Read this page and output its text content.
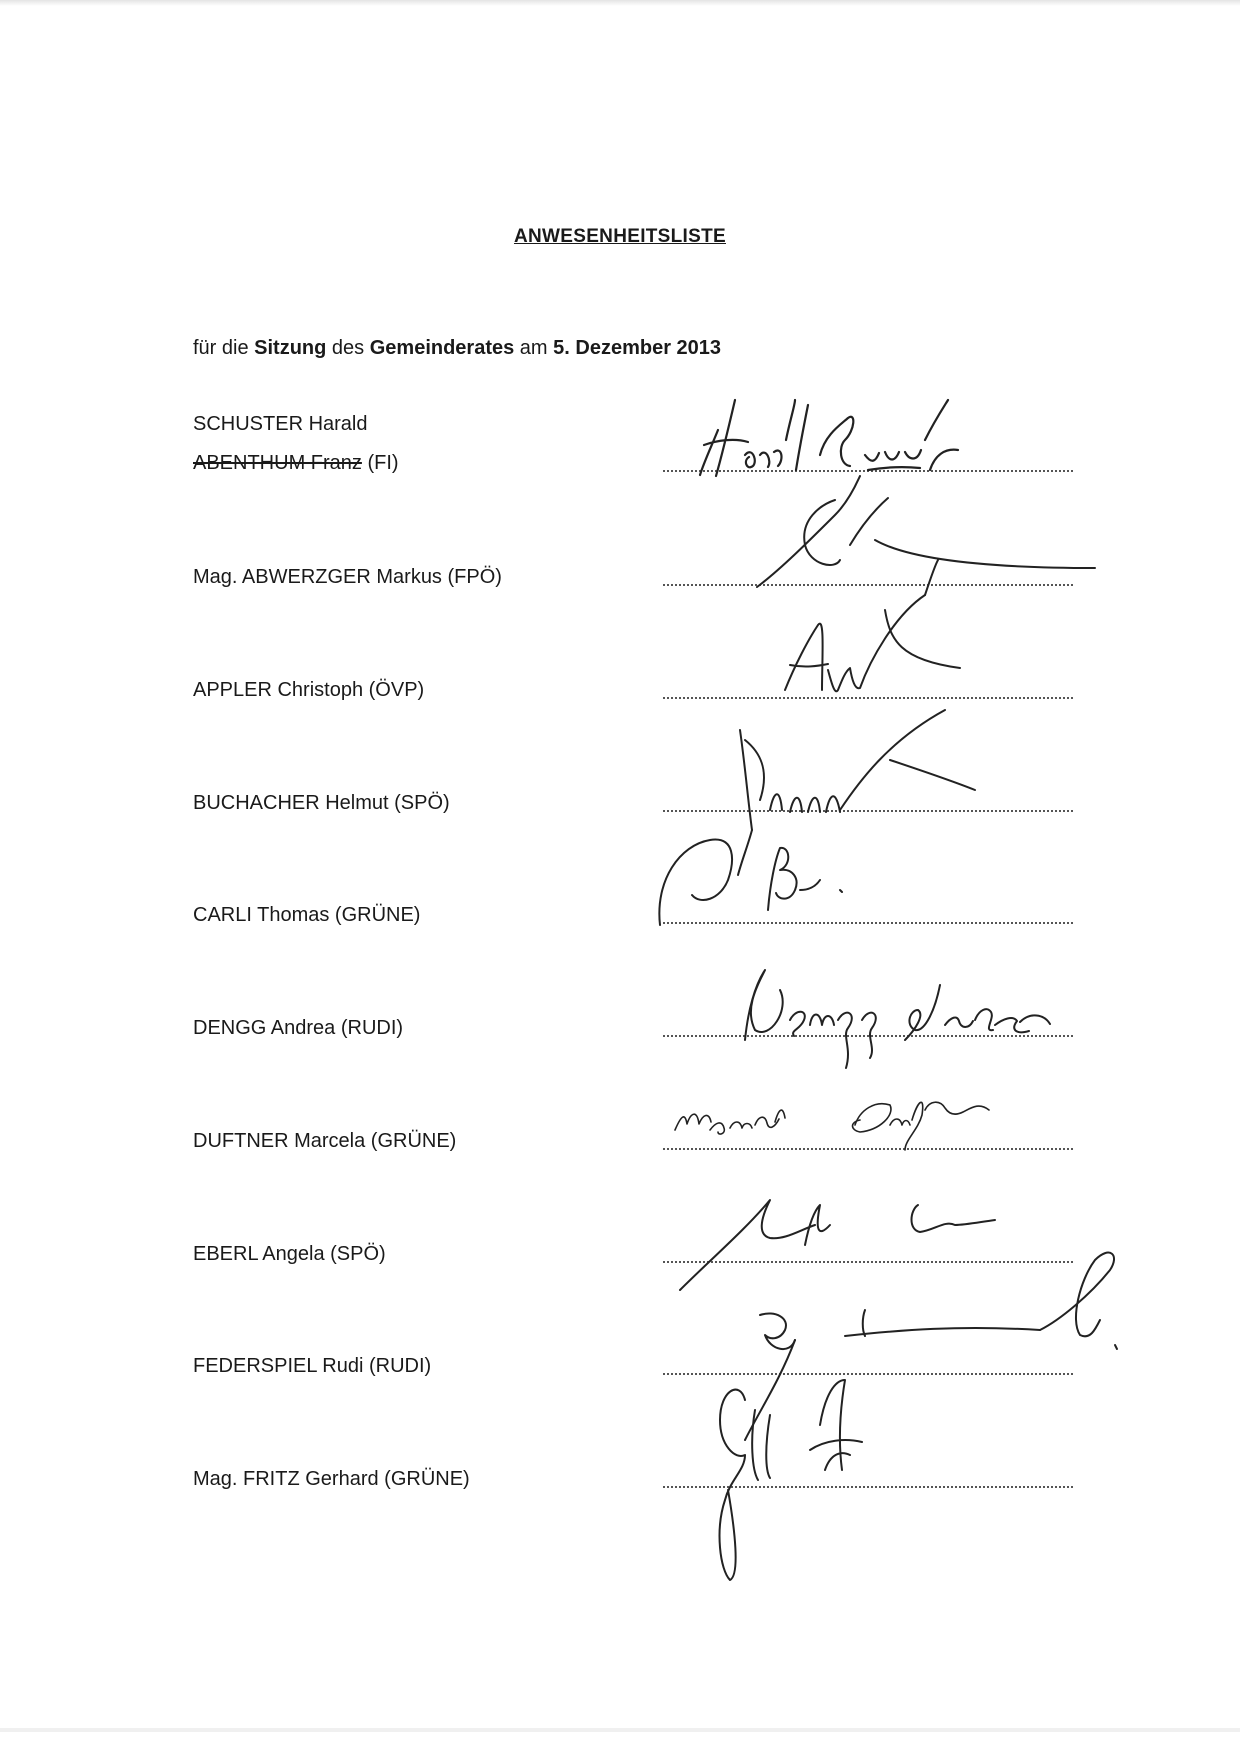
ANWESENHEITSLISTE
für die Sitzung des Gemeinderates am 5. Dezember 2013
SCHUSTER Harald
ABENTHUM Franz (FI)
Mag. ABWERZGER Markus (FPÖ)
APPLER Christoph (ÖVP)
BUCHACHER Helmut (SPÖ)
CARLI Thomas (GRÜNE)
DENGG Andrea (RUDI)
DUFTNER Marcela (GRÜNE)
EBERL Angela (SPÖ)
FEDERSPIEL Rudi (RUDI)
Mag. FRITZ Gerhard (GRÜNE)
